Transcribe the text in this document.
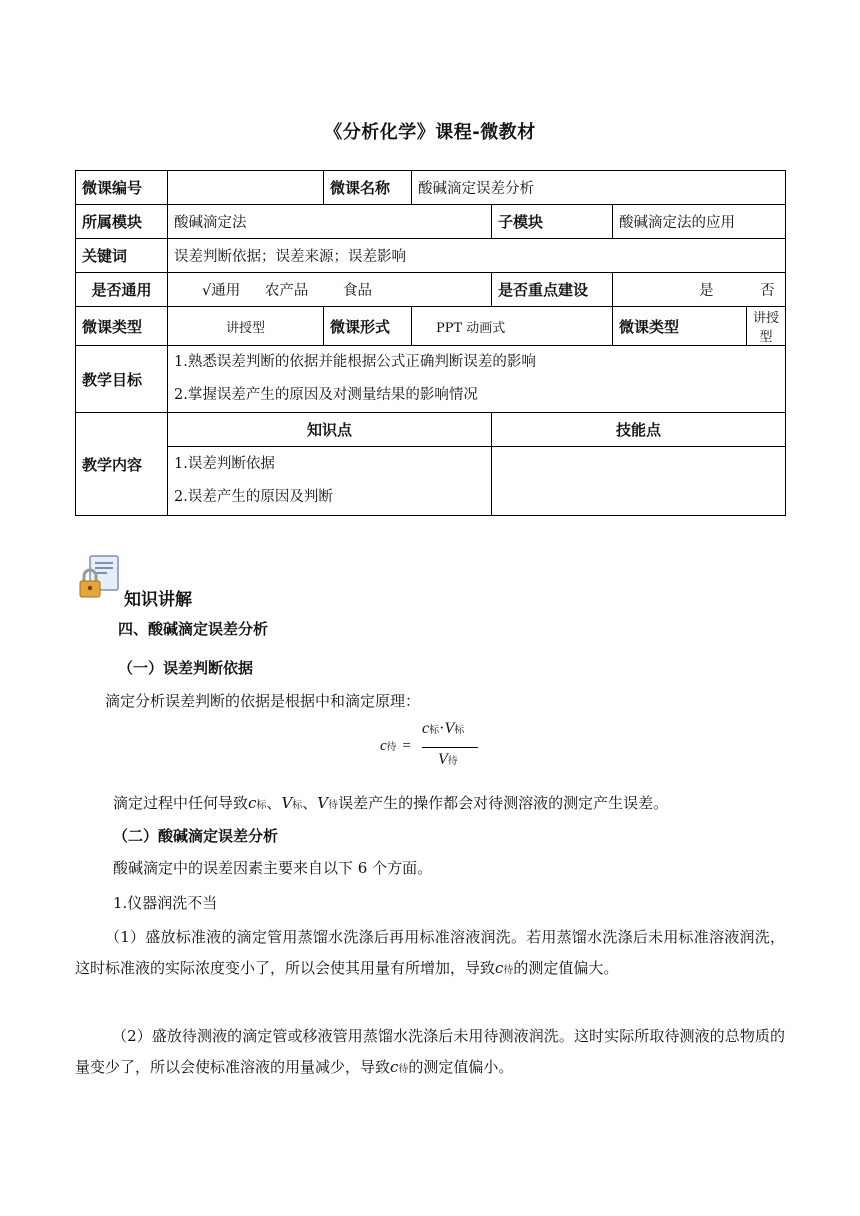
《分析化学》课程-微教材
微课编号		微课名称	酸碱滴定误差分析			
所属模块	酸碱滴定法			子模块	酸碱滴定法的应用	
关键词	误差判断依据；误差来源；误差影响					
是否通用	√通用 农产品 食品			是否重点建设	是 否	
微课类型	讲授型	微课形式	PPT 动画式		微课类型	讲授型
教学目标	1.熟悉误差判断的依据并能根据公式正确判断误差的影响
2.掌握误差产生的原因及对测量结果的影响情况					

教学内容	知识点			技能点		

	1.误差判断依据
2.误差产生的原因及判断					

知识讲解
四、酸碱滴定误差分析
（一）误差判断依据
滴定分析误差判断的依据是根据中和滴定原理：
c待 =
c标·V标
V待
滴定过程中任何导致c标、V标、V待误差产生的操作都会对待测溶液的测定产生误差。
（二）酸碱滴定误差分析
酸碱滴定中的误差因素主要来自以下 6 个方面。
1.仪器润洗不当
（1）盛放标准液的滴定管用蒸馏水洗涤后再用标准溶液润洗。若用蒸馏水洗涤后未用标准溶液润洗，这时标准液的实际浓度变小了，所以会使其用量有所增加，导致c待的测定值偏大。
（2）盛放待测液的滴定管或移液管用蒸馏水洗涤后未用待测液润洗。这时实际所取待测液的总物质的量变少了，所以会使标准溶液的用量减少，导致c待的测定值偏小。
